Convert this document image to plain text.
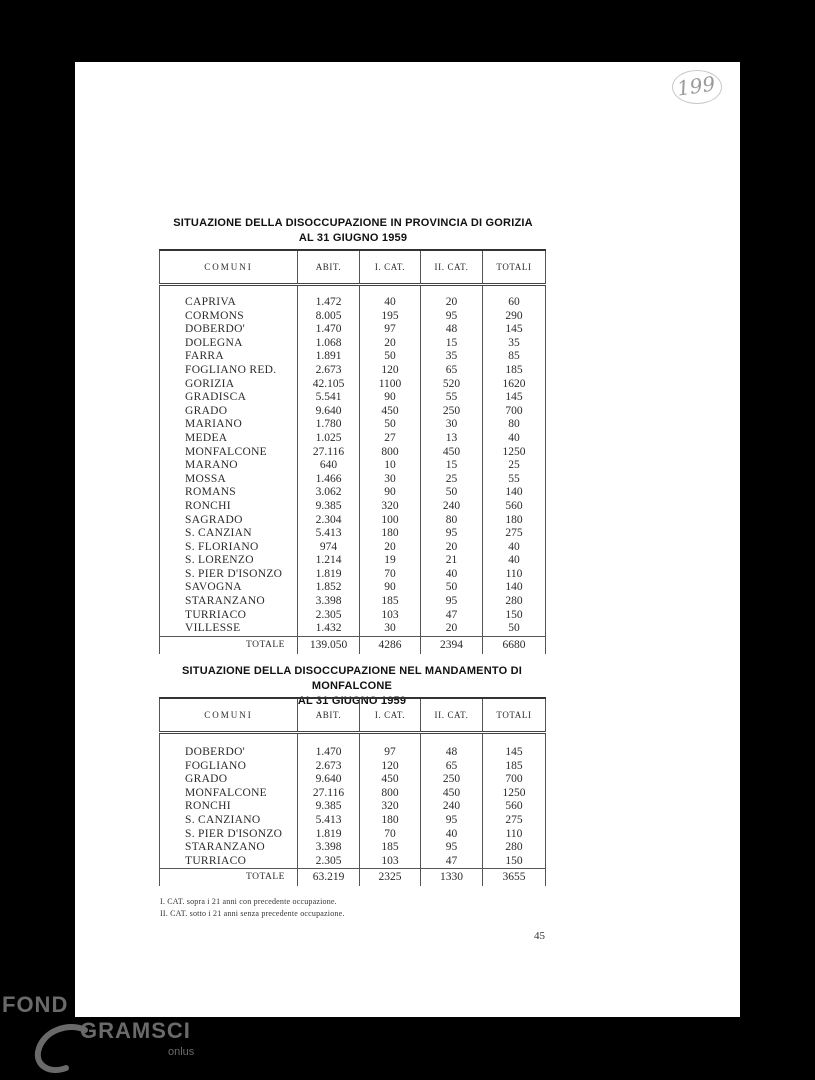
199
SITUAZIONE DELLA DISOCCUPAZIONE IN PROVINCIA DI GORIZIA
AL 31 GIUGNO 1959
COMUNI	ABIT.	I. CAT.	II. CAT.	TOTALI

CAPRIVA	1.472	40	20	60
CORMONS	8.005	195	95	290
DOBERDO'	1.470	97	48	145
DOLEGNA	1.068	20	15	35
FARRA	1.891	50	35	85
FOGLIANO RED.	2.673	120	65	185
GORIZIA	42.105	1100	520	1620
GRADISCA	5.541	90	55	145
GRADO	9.640	450	250	700
MARIANO	1.780	50	30	80
MEDEA	1.025	27	13	40
MONFALCONE	27.116	800	450	1250
MARANO	640	10	15	25
MOSSA	1.466	30	25	55
ROMANS	3.062	90	50	140
RONCHI	9.385	320	240	560
SAGRADO	2.304	100	80	180
S. CANZIAN	5.413	180	95	275
S. FLORIANO	974	20	20	40
S. LORENZO	1.214	19	21	40
S. PIER D'ISONZO	1.819	70	40	110
SAVOGNA	1.852	90	50	140
STARANZANO	3.398	185	95	280
TURRIACO	2.305	103	47	150
VILLESSE	1.432	30	20	50
TOTALE	139.050	4286	2394	6680
SITUAZIONE DELLA DISOCCUPAZIONE NEL MANDAMENTO DI MONFALCONE
AL 31 GIUGNO 1959
COMUNI	ABIT.	I. CAT.	II. CAT.	TOTALI

DOBERDO'	1.470	97	48	145
FOGLIANO	2.673	120	65	185
GRADO	9.640	450	250	700
MONFALCONE	27.116	800	450	1250
RONCHI	9.385	320	240	560
S. CANZIANO	5.413	180	95	275
S. PIER D'ISONZO	1.819	70	40	110
STARANZANO	3.398	185	95	280
TURRIACO	2.305	103	47	150
TOTALE	63.219	2325	1330	3655
I. CAT. sopra i 21 anni con precedente occupazione.
II. CAT. sotto i 21 anni senza precedente occupazione.
45
FOND
GRAMSCI
onlus
